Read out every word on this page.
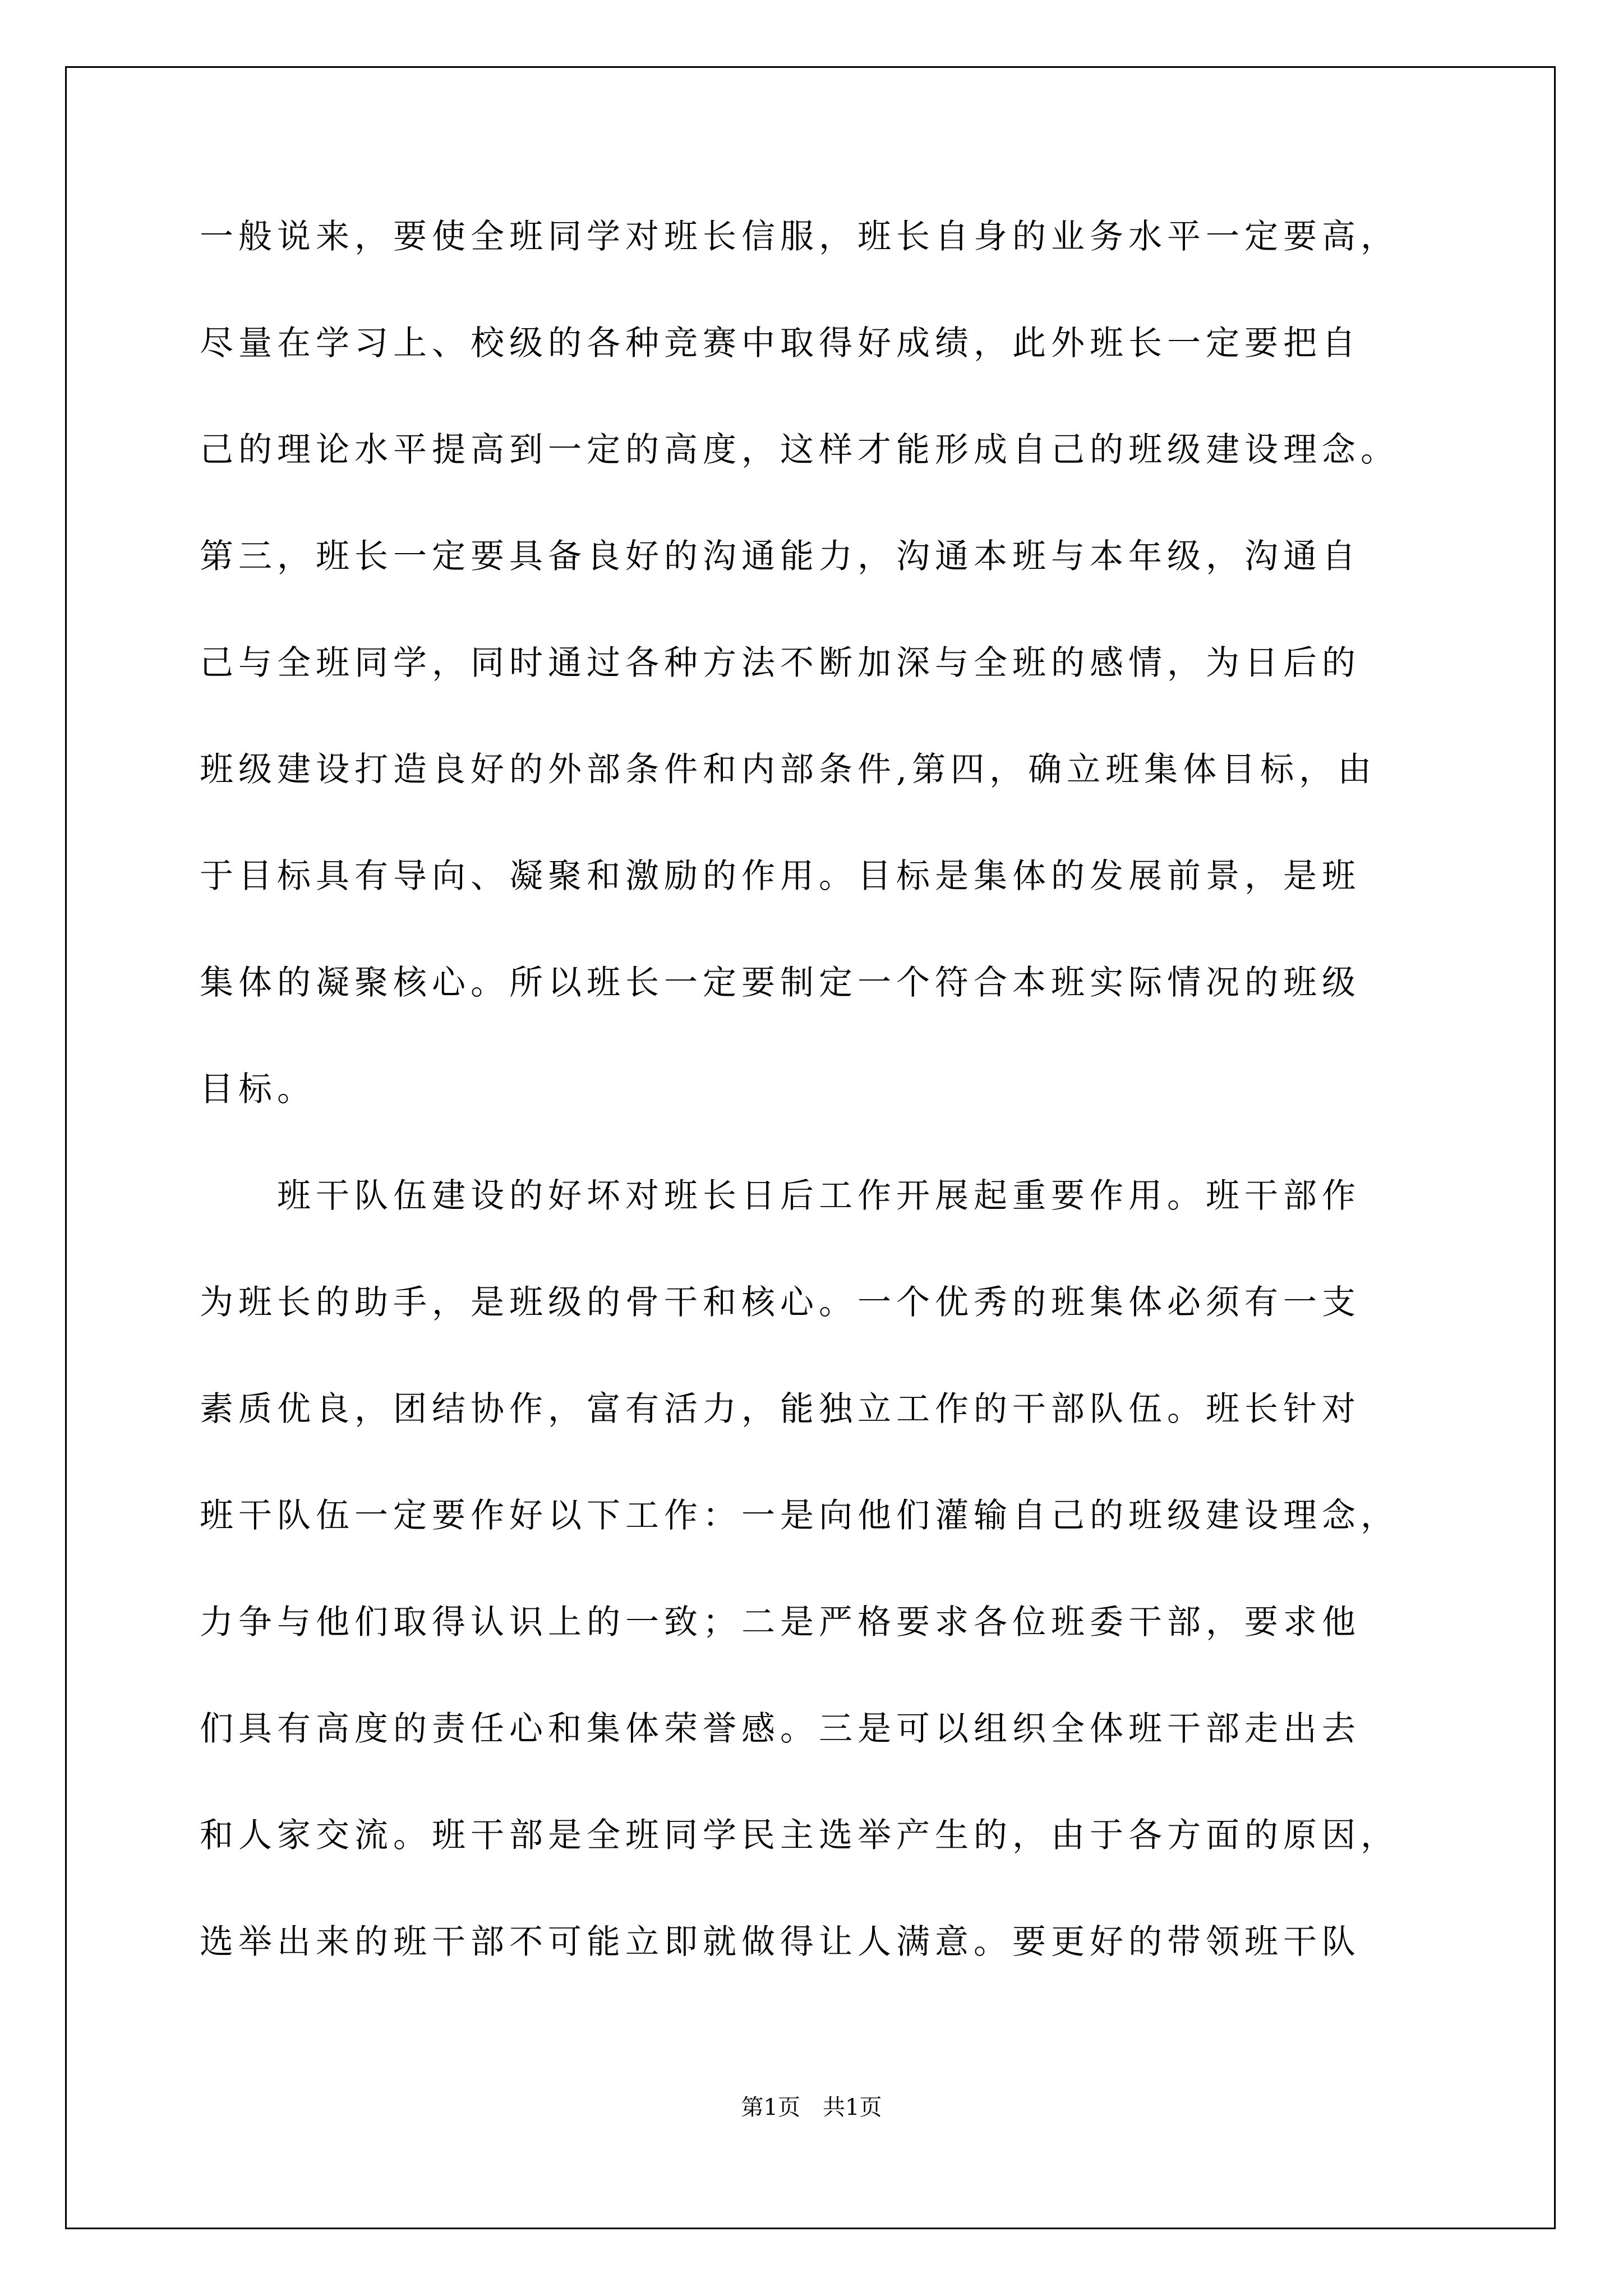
一般说来，要使全班同学对班长信服，班长自身的业务水平一定要高，
尽量在学习上、校级的各种竞赛中取得好成绩，此外班长一定要把自
己的理论水平提高到一定的高度，这样才能形成自己的班级建设理念。
第三，班长一定要具备良好的沟通能力，沟通本班与本年级，沟通自
己与全班同学，同时通过各种方法不断加深与全班的感情，为日后的
班级建设打造良好的外部条件和内部条件,第四，确立班集体目标，由
于目标具有导向、凝聚和激励的作用。目标是集体的发展前景，是班
集体的凝聚核心。所以班长一定要制定一个符合本班实际情况的班级
目标。
班干队伍建设的好坏对班长日后工作开展起重要作用。班干部作
为班长的助手，是班级的骨干和核心。一个优秀的班集体必须有一支
素质优良，团结协作，富有活力，能独立工作的干部队伍。班长针对
班干队伍一定要作好以下工作：一是向他们灌输自己的班级建设理念，
力争与他们取得认识上的一致；二是严格要求各位班委干部，要求他
们具有高度的责任心和集体荣誉感。三是可以组织全体班干部走出去
和人家交流。班干部是全班同学民主选举产生的，由于各方面的原因，
选举出来的班干部不可能立即就做得让人满意。要更好的带领班干队
第1页　共1页
